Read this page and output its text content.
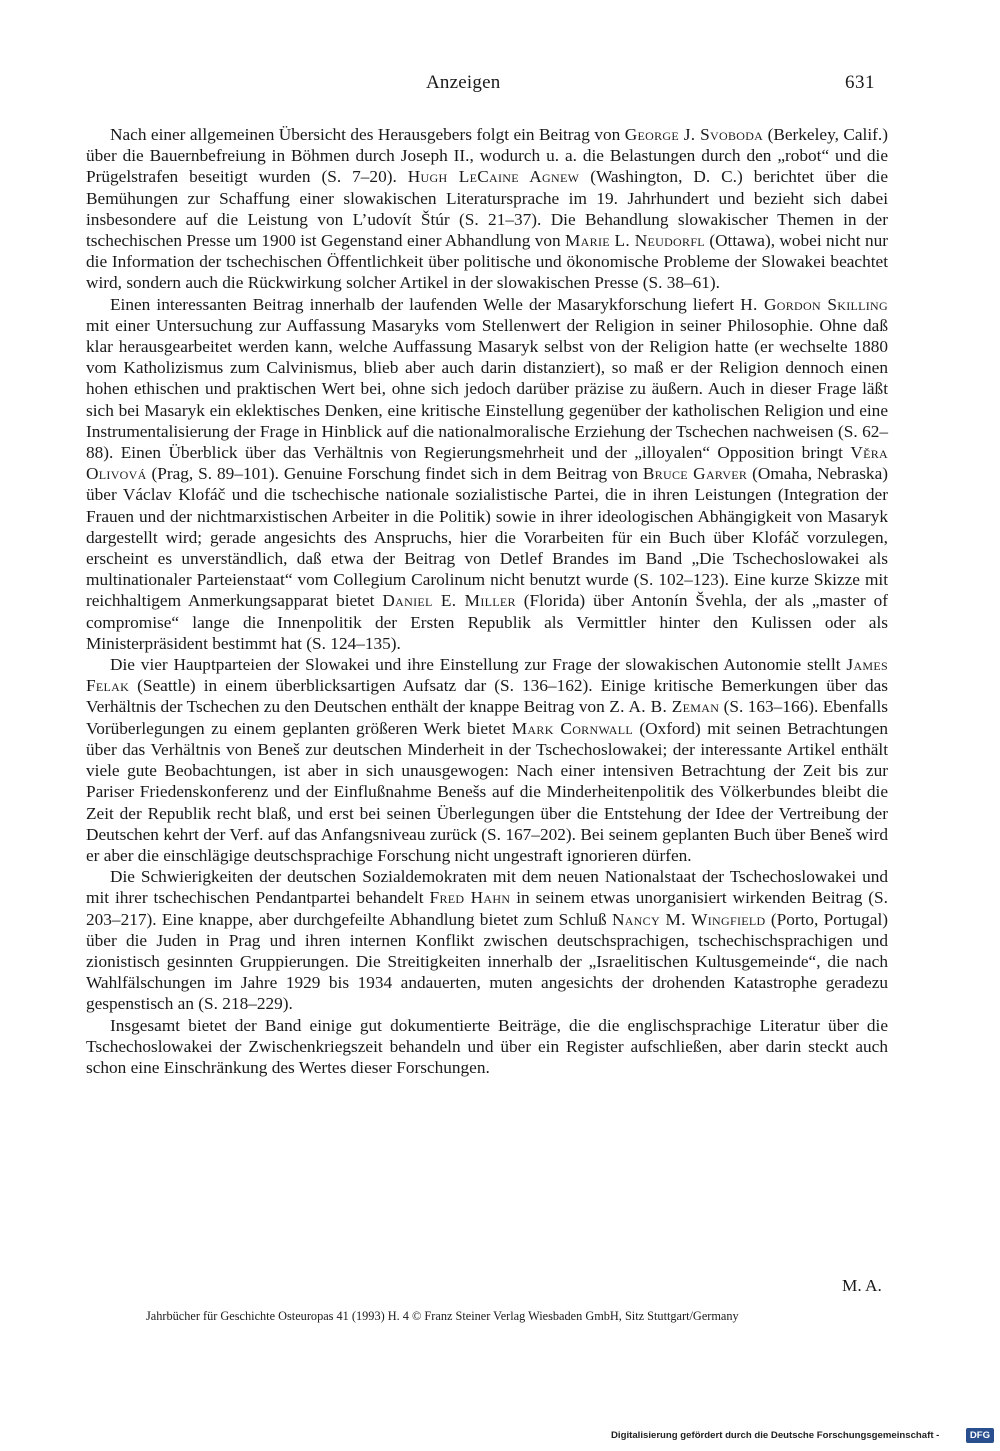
Anzeigen	631

Nach einer allgemeinen Übersicht des Herausgebers folgt ein Beitrag von George J. Svoboda (Berkeley, Calif.) über die Bauernbefreiung in Böhmen durch Joseph II., wodurch u. a. die Belastungen durch den „robot“ und die Prügelstrafen beseitigt wurden (S. 7–20). Hugh LeCaine Agnew (Washington, D. C.) berichtet über die Bemühungen zur Schaffung einer slowakischen Literatursprache im 19. Jahrhundert und bezieht sich dabei insbesondere auf die Leistung von L’udovít Štúr (S. 21–37). Die Behandlung slowakischer Themen in der tschechischen Presse um 1900 ist Gegenstand einer Abhandlung von Marie L. Neudorfl (Ottawa), wobei nicht nur die Information der tschechischen Öffentlichkeit über politische und ökonomische Probleme der Slowakei beachtet wird, sondern auch die Rückwirkung solcher Artikel in der slowakischen Presse (S. 38–61).

Einen interessanten Beitrag innerhalb der laufenden Welle der Masarykforschung liefert H. Gordon Skilling mit einer Untersuchung zur Auffassung Masaryks vom Stellenwert der Religion in seiner Philosophie. Ohne daß klar herausgearbeitet werden kann, welche Auffassung Masaryk selbst von der Religion hatte (er wechselte 1880 vom Katholizismus zum Calvinismus, blieb aber auch darin distanziert), so maß er der Religion dennoch einen hohen ethischen und praktischen Wert bei, ohne sich jedoch darüber präzise zu äußern. Auch in dieser Frage läßt sich bei Masaryk ein eklektisches Denken, eine kritische Einstellung gegenüber der katholischen Religion und eine Instrumentalisierung der Frage in Hinblick auf die nationalmoralische Erziehung der Tschechen nachweisen (S. 62–88). Einen Überblick über das Verhältnis von Regierungsmehrheit und der „illoyalen“ Opposition bringt Věra Olivová (Prag, S. 89–101). Genuine Forschung findet sich in dem Beitrag von Bruce Garver (Omaha, Nebraska) über Václav Klofáč und die tschechische nationale sozialistische Partei, die in ihren Leistungen (Integration der Frauen und der nichtmarxistischen Arbeiter in die Politik) sowie in ihrer ideologischen Abhängigkeit von Masaryk dargestellt wird; gerade angesichts des Anspruchs, hier die Vorarbeiten für ein Buch über Klofáč vorzulegen, erscheint es unverständlich, daß etwa der Beitrag von Detlef Brandes im Band „Die Tschechoslowakei als multinationaler Parteienstaat“ vom Collegium Carolinum nicht benutzt wurde (S. 102–123). Eine kurze Skizze mit reichhaltigem Anmerkungsapparat bietet Daniel E. Miller (Florida) über Antonín Švehla, der als „master of compromise“ lange die Innenpolitik der Ersten Republik als Vermittler hinter den Kulissen oder als Ministerpräsident bestimmt hat (S. 124–135).

Die vier Hauptparteien der Slowakei und ihre Einstellung zur Frage der slowakischen Autonomie stellt James Felak (Seattle) in einem überblicksartigen Aufsatz dar (S. 136–162). Einige kritische Bemerkungen über das Verhältnis der Tschechen zu den Deutschen enthält der knappe Beitrag von Z. A. B. Zeman (S. 163–166). Ebenfalls Vorüberlegungen zu einem geplanten größeren Werk bietet Mark Cornwall (Oxford) mit seinen Betrachtungen über das Verhältnis von Beneš zur deutschen Minderheit in der Tschechoslowakei; der interessante Artikel enthält viele gute Beobachtungen, ist aber in sich unausgewogen: Nach einer intensiven Betrachtung der Zeit bis zur Pariser Friedenskonferenz und der Einflußnahme Benešs auf die Minderheitenpolitik des Völkerbundes bleibt die Zeit der Republik recht blaß, und erst bei seinen Überlegungen über die Entstehung der Idee der Vertreibung der Deutschen kehrt der Verf. auf das Anfangsniveau zurück (S. 167–202). Bei seinem geplanten Buch über Beneš wird er aber die einschlägige deutschsprachige Forschung nicht ungestraft ignorieren dürfen.

Die Schwierigkeiten der deutschen Sozialdemokraten mit dem neuen Nationalstaat der Tschechoslowakei und mit ihrer tschechischen Pendantpartei behandelt Fred Hahn in seinem etwas unorganisiert wirkenden Beitrag (S. 203–217). Eine knappe, aber durchgefeilte Abhandlung bietet zum Schluß Nancy M. Wingfield (Porto, Portugal) über die Juden in Prag und ihren internen Konflikt zwischen deutschsprachigen, tschechischsprachigen und zionistisch gesinnten Gruppierungen. Die Streitigkeiten innerhalb der „Israelitischen Kultusgemeinde“, die nach Wahlfälschungen im Jahre 1929 bis 1934 andauerten, muten angesichts der drohenden Katastrophe geradezu gespenstisch an (S. 218–229).

Insgesamt bietet der Band einige gut dokumentierte Beiträge, die die englischsprachige Literatur über die Tschechoslowakei der Zwischenkriegszeit behandeln und über ein Register aufschließen, aber darin steckt auch schon eine Einschränkung des Wertes dieser Forschungen.

M. A.
Jahrbücher für Geschichte Osteuropas 41 (1993) H. 4 © Franz Steiner Verlag Wiesbaden GmbH, Sitz Stuttgart/Germany
Digitalisierung gefördert durch die Deutsche Forschungsgemeinschaft -	DFG
